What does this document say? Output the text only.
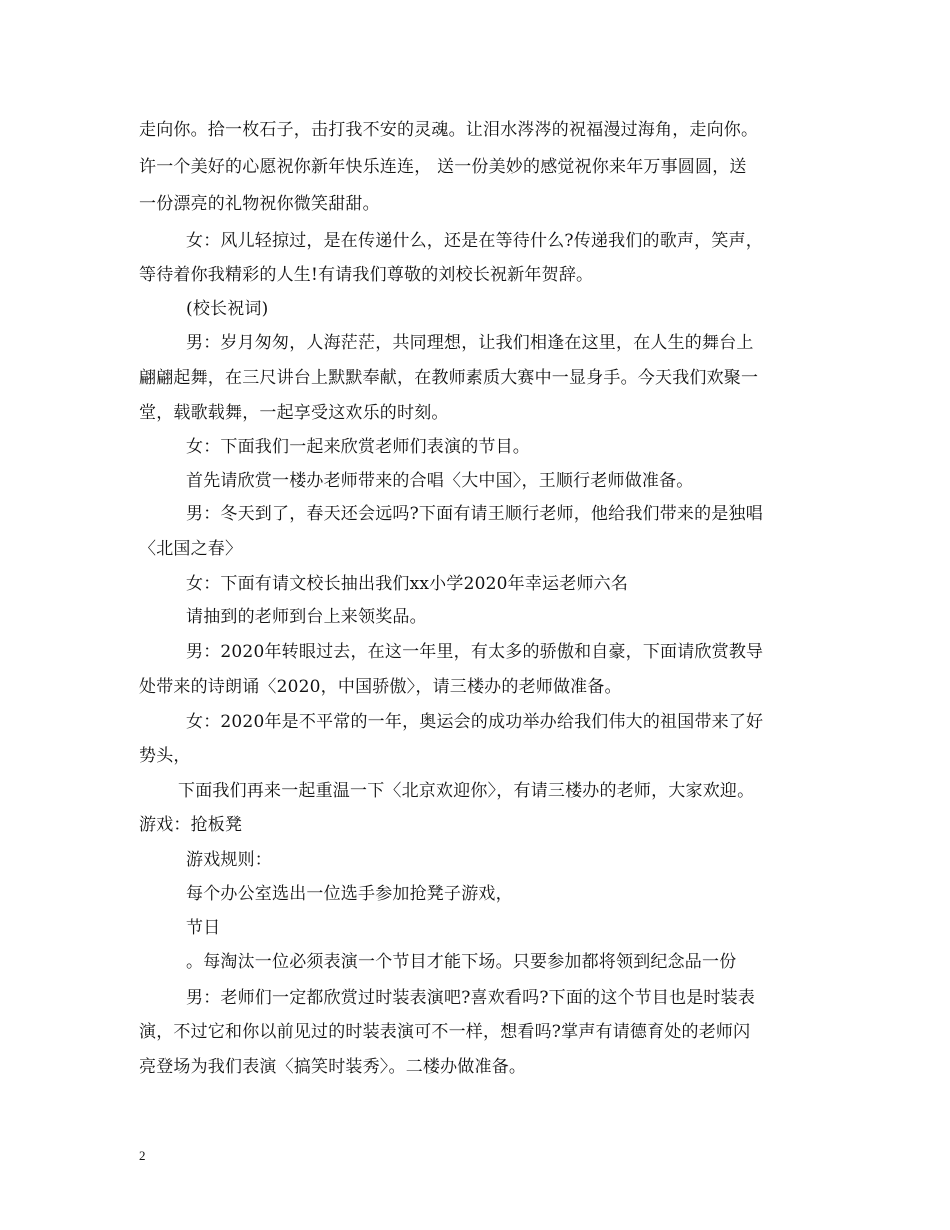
走向你。拾一枚石子，击打我不安的灵魂。让泪水涔涔的祝福漫过海角，走向你。
许一个美好的心愿祝你新年快乐连连， 送一份美妙的感觉祝你来年万事圆圆，送
一份漂亮的礼物祝你微笑甜甜。
女：风儿轻掠过，是在传递什么，还是在等待什么?传递我们的歌声，笑声，
等待着你我精彩的人生!有请我们尊敬的刘校长祝新年贺辞。
(校长祝词)
男：岁月匆匆，人海茫茫，共同理想，让我们相逢在这里，在人生的舞台上
翩翩起舞，在三尺讲台上默默奉献，在教师素质大赛中一显身手。今天我们欢聚一
堂，载歌载舞，一起享受这欢乐的时刻。
女：下面我们一起来欣赏老师们表演的节目。
首先请欣赏一楼办老师带来的合唱〈大中国〉，王顺行老师做准备。
男：冬天到了，春天还会远吗?下面有请王顺行老师，他给我们带来的是独唱
〈北国之春〉
女：下面有请文校长抽出我们xx小学2020年幸运老师六名
请抽到的老师到台上来领奖品。
男：2020年转眼过去，在这一年里，有太多的骄傲和自豪，下面请欣赏教导
处带来的诗朗诵〈2020，中国骄傲〉，请三楼办的老师做准备。
女：2020年是不平常的一年，奥运会的成功举办给我们伟大的祖国带来了好
势头，
下面我们再来一起重温一下〈北京欢迎你〉，有请三楼办的老师，大家欢迎。
游戏：抢板凳
游戏规则：
每个办公室选出一位选手参加抢凳子游戏，
节日
。每淘汰一位必须表演一个节目才能下场。只要参加都将领到纪念品一份
男：老师们一定都欣赏过时装表演吧?喜欢看吗?下面的这个节目也是时装表
演，不过它和你以前见过的时装表演可不一样，想看吗?掌声有请德育处的老师闪
亮登场为我们表演〈搞笑时装秀〉。二楼办做准备。
2
